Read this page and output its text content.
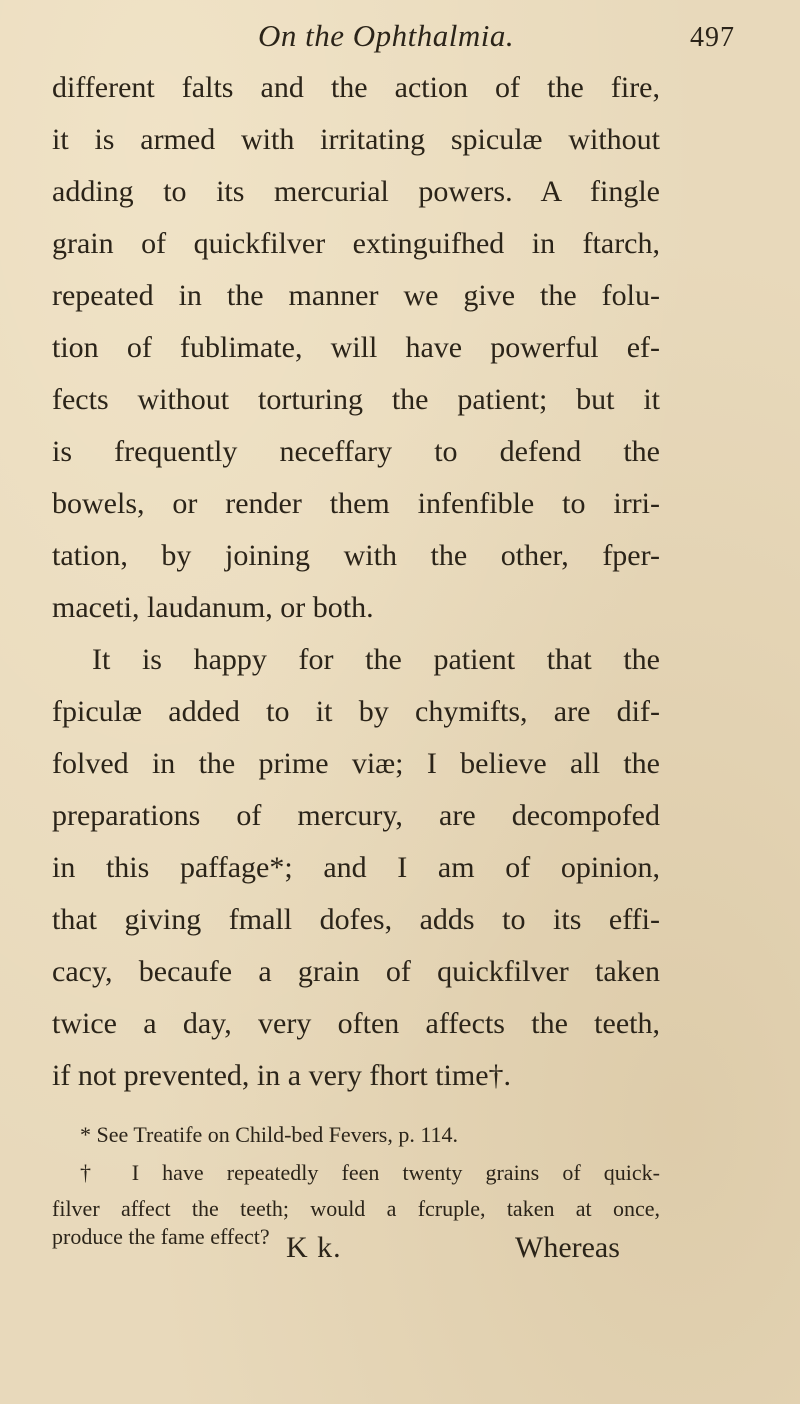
On the Ophthalmia.	497
different falts and the action of the fire,
it is armed with irritating spiculæ without
adding to its mercurial powers. A fingle
grain of quickfilver extinguifhed in ftarch,
repeated in the manner we give the folu-
tion of fublimate, will have powerful ef-
fects without torturing the patient; but it
is frequently neceffary to defend the
bowels, or render them infenfible to irri-
tation, by joining with the other, fper-
maceti, laudanum, or both.
It is happy for the patient that the
fpiculæ added to it by chymifts, are dif-
folved in the prime viæ; I believe all the
preparations of mercury, are decompofed
in this paffage*; and I am of opinion,
that giving fmall dofes, adds to its effi-
cacy, becaufe a grain of quickfilver taken
twice a day, very often affects the teeth,
if not prevented, in a very fhort time†.
* See Treatife on Child-bed Fevers, p. 114.
† I have repeatedly feen twenty grains of quick-
filver affect the teeth; would a fcruple, taken at once,
produce the fame effect? K k.	Whereas
